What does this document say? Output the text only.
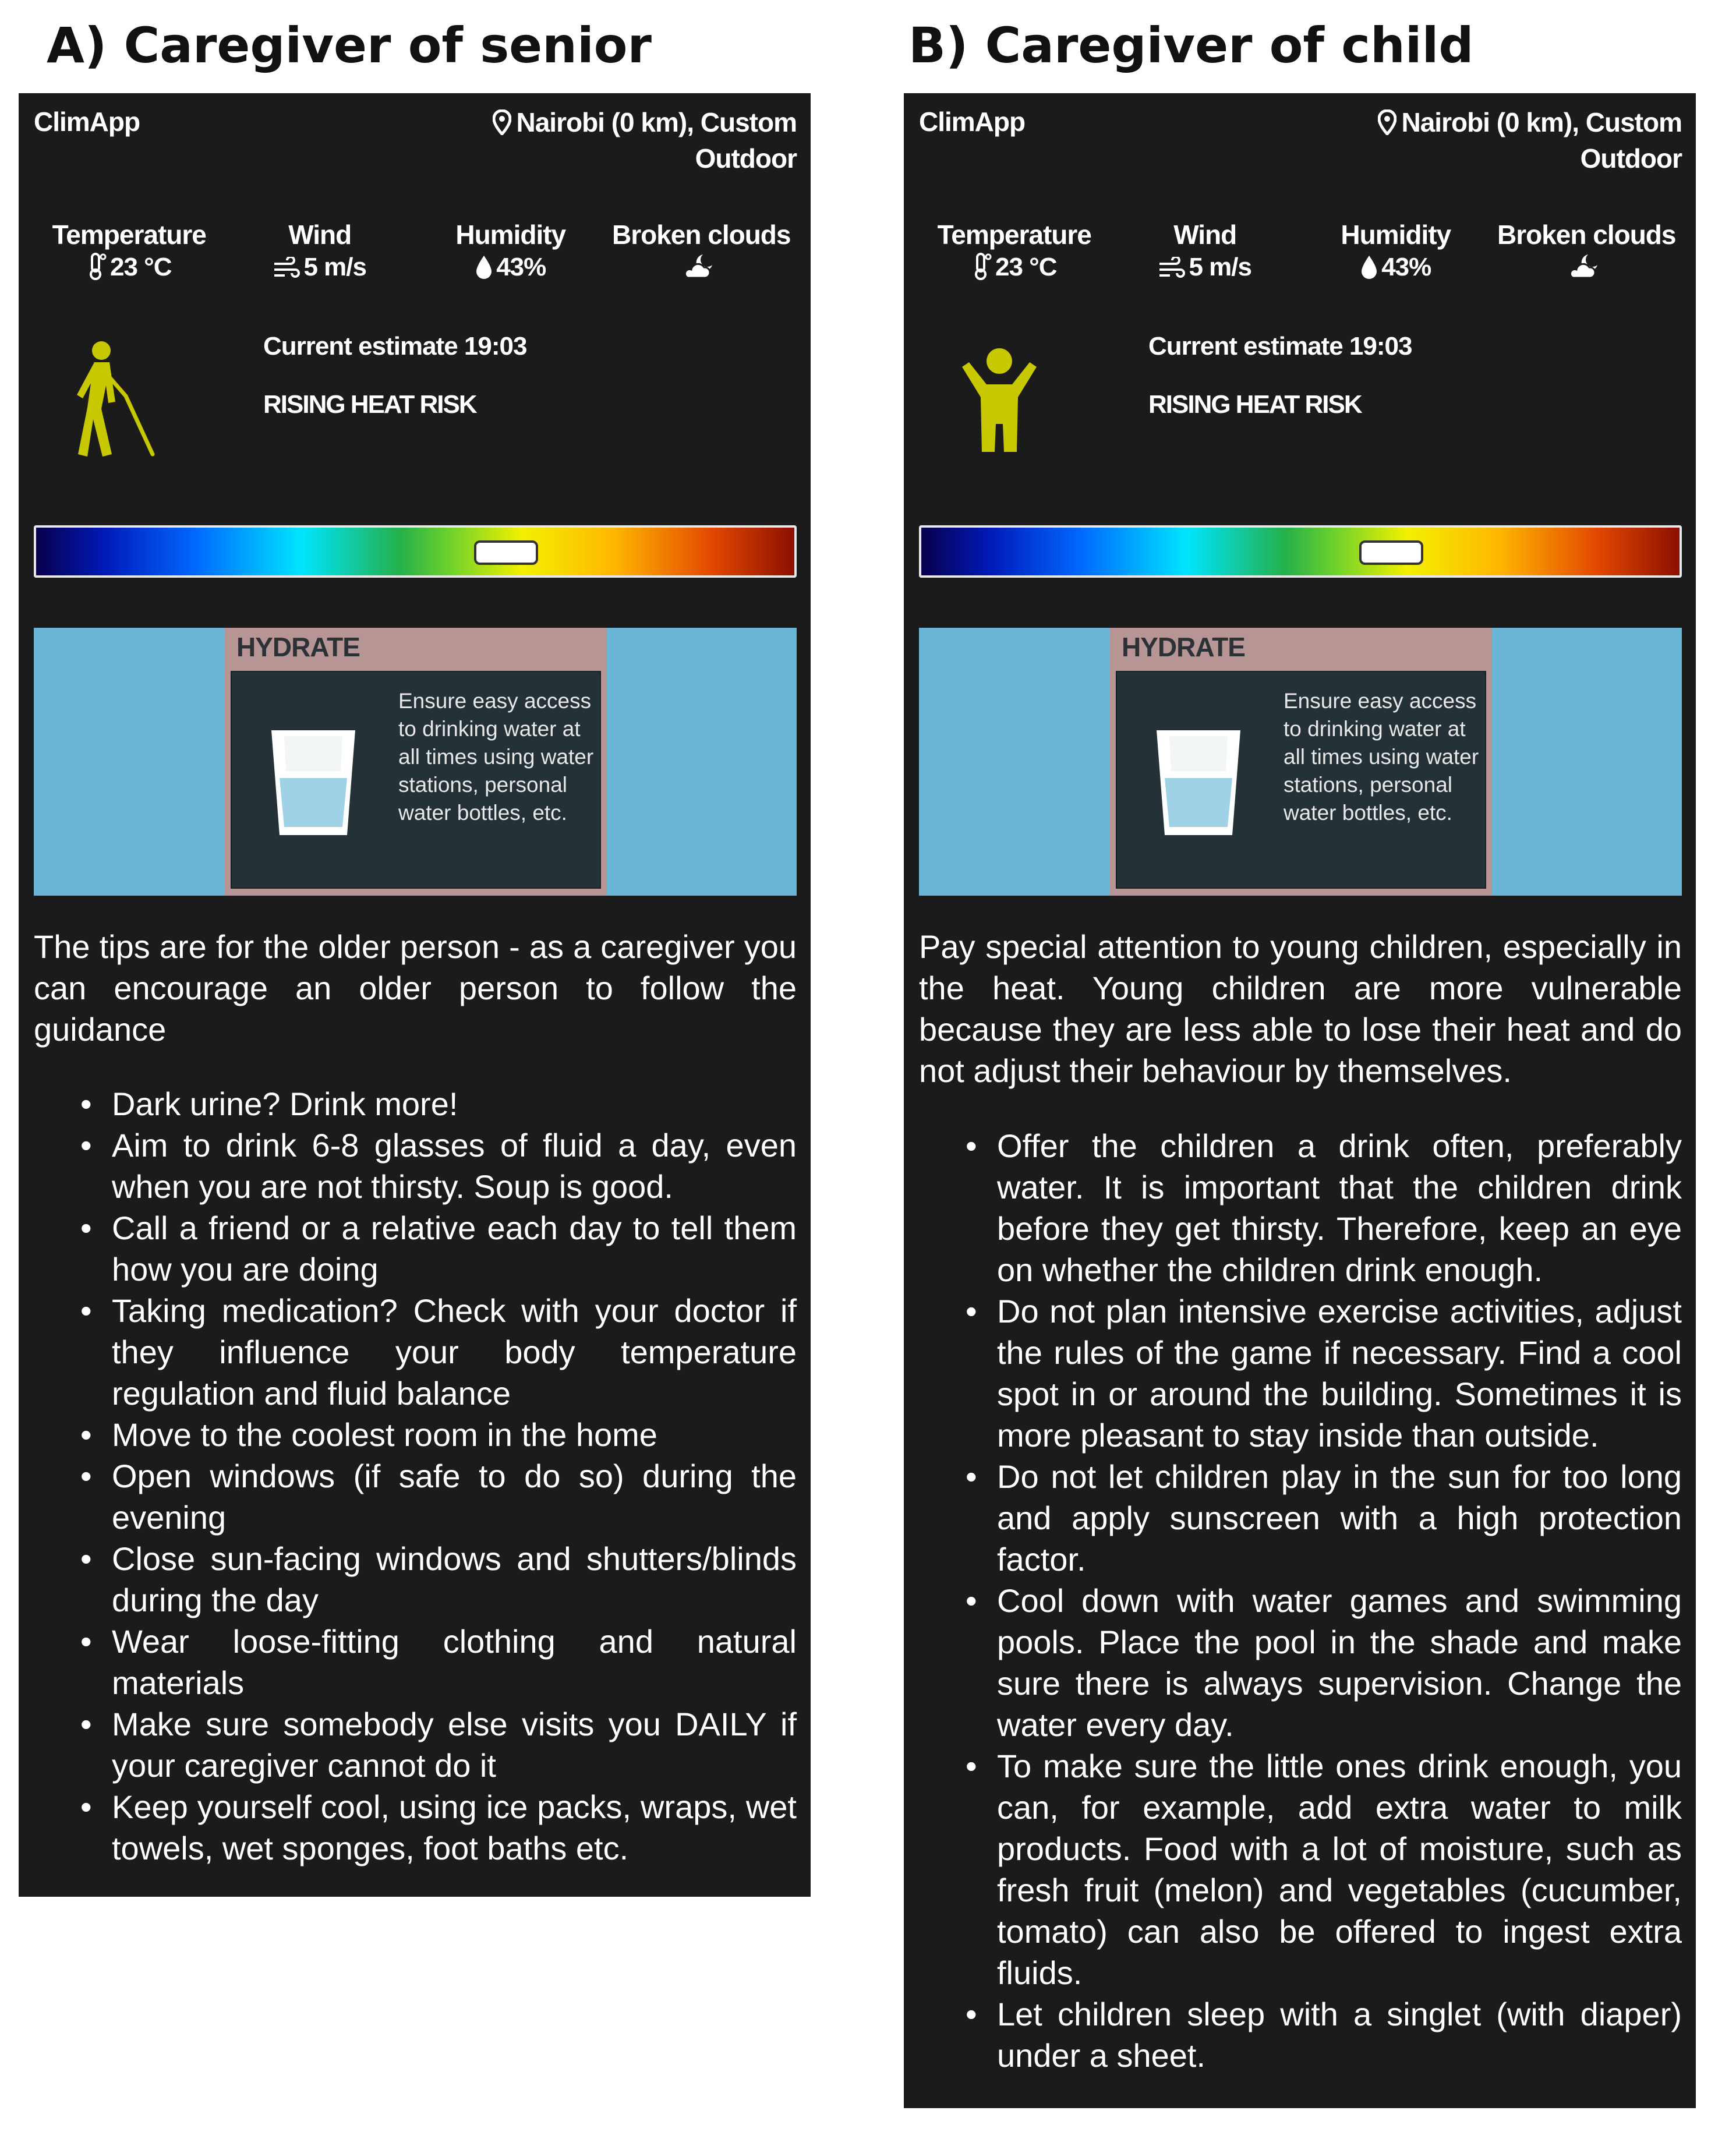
A) Caregiver of senior
ClimApp	Nairobi (0 km), Custom
Outdoor
Temperature
23 °C
Wind
5 m/s
Humidity
43%
Broken clouds
Current estimate 19:03
RISING HEAT RISK
HYDRATE
Ensure easy access to drinking water at all times using water stations, personal water bottles, etc.
The tips are for the older person - as a caregiver you can encourage an older person to follow the guidance
• Dark urine? Drink more!
• Aim to drink 6-8 glasses of fluid a day, even when you are not thirsty. Soup is good.
• Call a friend or a relative each day to tell them how you are doing
• Taking medication? Check with your doctor if they influence your body temperature regulation and fluid balance
• Move to the coolest room in the home
• Open windows (if safe to do so) during the evening
• Close sun-facing windows and shutters/blinds during the day
• Wear loose-fitting clothing and natural materials
• Make sure somebody else visits you DAILY if your caregiver cannot do it
• Keep yourself cool, using ice packs, wraps, wet towels, wet sponges, foot baths etc.
B) Caregiver of child
ClimApp	Nairobi (0 km), Custom
Outdoor
Temperature
23 °C
Wind
5 m/s
Humidity
43%
Broken clouds
Current estimate 19:03
RISING HEAT RISK
HYDRATE
Ensure easy access to drinking water at all times using water stations, personal water bottles, etc.
Pay special attention to young children, especially in the heat. Young children are more vulnerable because they are less able to lose their heat and do not adjust their behaviour by themselves.
• Offer the children a drink often, preferably water. It is important that the children drink before they get thirsty. Therefore, keep an eye on whether the children drink enough.
• Do not plan intensive exercise activities, adjust the rules of the game if necessary. Find a cool spot in or around the building. Sometimes it is more pleasant to stay inside than outside.
• Do not let children play in the sun for too long and apply sunscreen with a high protection factor.
• Cool down with water games and swimming pools. Place the pool in the shade and make sure there is always supervision. Change the water every day.
• To make sure the little ones drink enough, you can, for example, add extra water to milk products. Food with a lot of moisture, such as fresh fruit (melon) and vegetables (cucumber, tomato) can also be offered to ingest extra fluids.
• Let children sleep with a singlet (with diaper) under a sheet.
